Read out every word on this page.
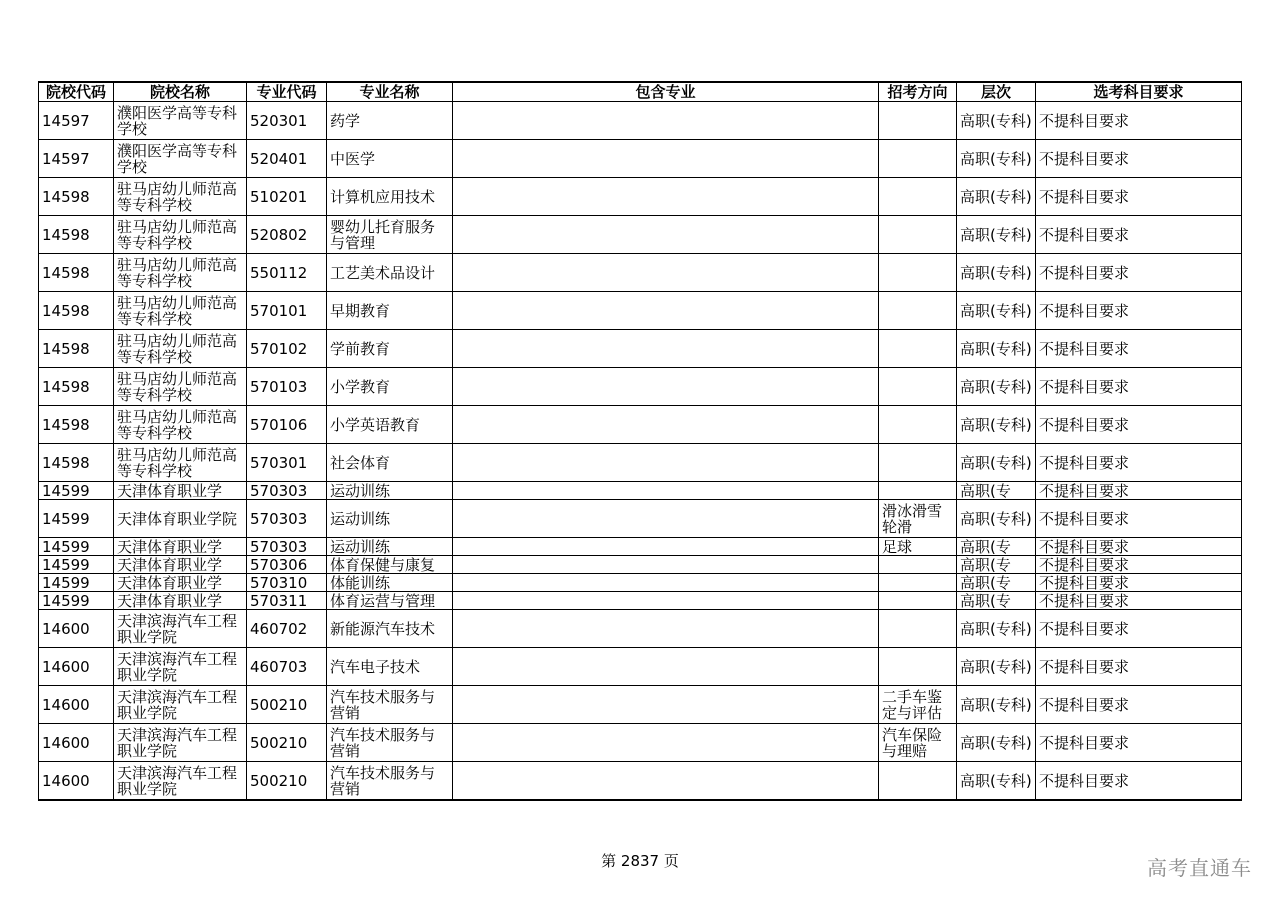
院校代码	院校名称	专业代码	专业名称	包含专业	招考方向	层次	选考科目要求

14597	濮阳医学高等专科学校	520301	药学			高职(专科)	不提科目要求

14597	濮阳医学高等专科学校	520401	中医学			高职(专科)	不提科目要求

14598	驻马店幼儿师范高等专科学校	510201	计算机应用技术			高职(专科)	不提科目要求

14598	驻马店幼儿师范高等专科学校	520802	婴幼儿托育服务与管理			高职(专科)	不提科目要求

14598	驻马店幼儿师范高等专科学校	550112	工艺美术品设计			高职(专科)	不提科目要求

14598	驻马店幼儿师范高等专科学校	570101	早期教育			高职(专科)	不提科目要求

14598	驻马店幼儿师范高等专科学校	570102	学前教育			高职(专科)	不提科目要求

14598	驻马店幼儿师范高等专科学校	570103	小学教育			高职(专科)	不提科目要求

14598	驻马店幼儿师范高等专科学校	570106	小学英语教育			高职(专科)	不提科目要求

14598	驻马店幼儿师范高等专科学校	570301	社会体育			高职(专科)	不提科目要求

14599	天津体育职业学	570303	运动训练			高职(专	不提科目要求

14599	天津体育职业学院	570303	运动训练		滑冰滑雪轮滑	高职(专科)	不提科目要求

14599	天津体育职业学	570303	运动训练		足球	高职(专	不提科目要求

14599	天津体育职业学	570306	体育保健与康复			高职(专	不提科目要求

14599	天津体育职业学	570310	体能训练			高职(专	不提科目要求

14599	天津体育职业学	570311	体育运营与管理			高职(专	不提科目要求

14600	天津滨海汽车工程职业学院	460702	新能源汽车技术			高职(专科)	不提科目要求

14600	天津滨海汽车工程职业学院	460703	汽车电子技术			高职(专科)	不提科目要求

14600	天津滨海汽车工程职业学院	500210	汽车技术服务与营销		二手车鉴定与评估	高职(专科)	不提科目要求

14600	天津滨海汽车工程职业学院	500210	汽车技术服务与营销		汽车保险与理赔	高职(专科)	不提科目要求

14600	天津滨海汽车工程职业学院	500210	汽车技术服务与营销			高职(专科)	不提科目要求
第 2837 页	高考直通车
